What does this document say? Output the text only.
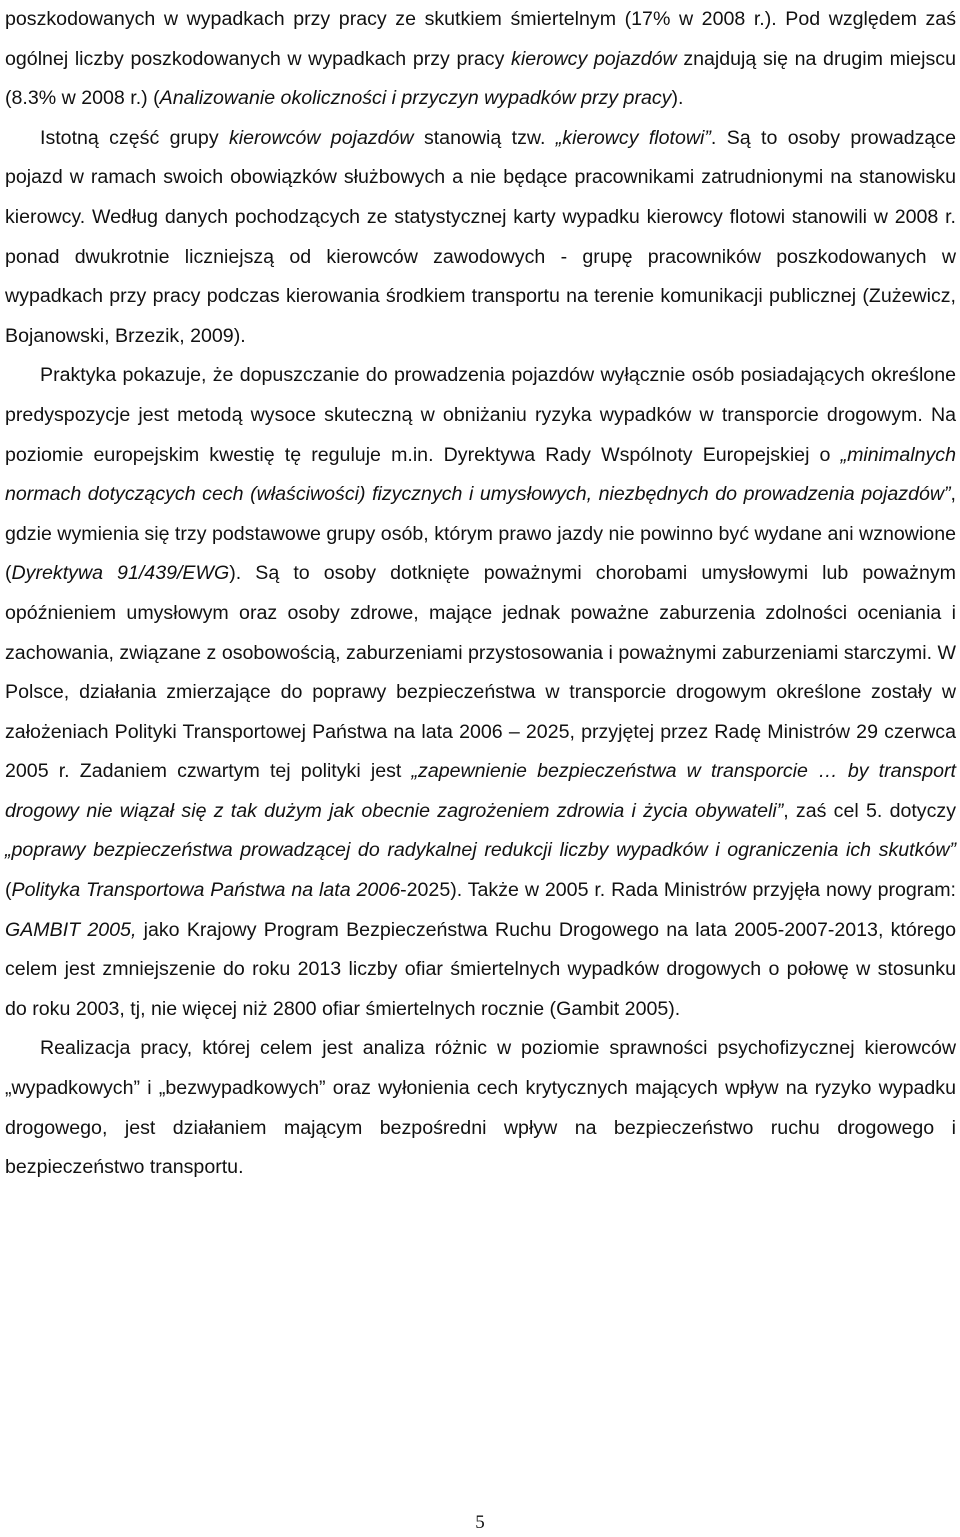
poszkodowanych w wypadkach przy pracy ze skutkiem śmiertelnym (17% w 2008 r.). Pod względem zaś ogólnej liczby poszkodowanych w wypadkach przy pracy kierowcy pojazdów znajdują się na drugim miejscu (8.3% w 2008 r.) (Analizowanie okoliczności i przyczyn wypadków przy pracy).

Istotną część grupy kierowców pojazdów stanowią tzw. „kierowcy flotowi”. Są to osoby prowadzące pojazd w ramach swoich obowiązków służbowych a nie będące pracownikami zatrudnionymi na stanowisku kierowcy. Według danych pochodzących ze statystycznej karty wypadku kierowcy flotowi stanowili w 2008 r. ponad dwukrotnie liczniejszą od kierowców zawodowych - grupę pracowników poszkodowanych w wypadkach przy pracy podczas kierowania środkiem transportu na terenie komunikacji publicznej (Zużewicz, Bojanowski, Brzezik, 2009).

Praktyka pokazuje, że dopuszczanie do prowadzenia pojazdów wyłącznie osób posiadających określone predyspozycje jest metodą wysoce skuteczną w obniżaniu ryzyka wypadków w transporcie drogowym. Na poziomie europejskim kwestię tę reguluje m.in. Dyrektywa Rady Wspólnoty Europejskiej o „minimalnych normach dotyczących cech (właściwości) fizycznych i umysłowych, niezbędnych do prowadzenia pojazdów”, gdzie wymienia się trzy podstawowe grupy osób, którym prawo jazdy nie powinno być wydane ani wznowione (Dyrektywa 91/439/EWG). Są to osoby dotknięte poważnymi chorobami umysłowymi lub poważnym opóźnieniem umysłowym oraz osoby zdrowe, mające jednak poważne zaburzenia zdolności oceniania i zachowania, związane z osobowością, zaburzeniami przystosowania i poważnymi zaburzeniami starczymi. W Polsce, działania zmierzające do poprawy bezpieczeństwa w transporcie drogowym określone zostały w założeniach Polityki Transportowej Państwa na lata 2006 – 2025, przyjętej przez Radę Ministrów 29 czerwca 2005 r. Zadaniem czwartym tej polityki jest „zapewnienie bezpieczeństwa w transporcie … by transport drogowy nie wiązał się z tak dużym jak obecnie zagrożeniem zdrowia i życia obywateli”, zaś cel 5. dotyczy „poprawy bezpieczeństwa prowadzącej do radykalnej redukcji liczby wypadków i ograniczenia ich skutków” (Polityka Transportowa Państwa na lata 2006-2025). Także w 2005 r. Rada Ministrów przyjęła nowy program: GAMBIT 2005, jako Krajowy Program Bezpieczeństwa Ruchu Drogowego na lata 2005-2007-2013, którego celem jest zmniejszenie do roku 2013 liczby ofiar śmiertelnych wypadków drogowych o połowę w stosunku do roku 2003, tj, nie więcej niż 2800 ofiar śmiertelnych rocznie (Gambit 2005).

Realizacja pracy, której celem jest analiza różnic w poziomie sprawności psychofizycznej kierowców „wypadkowych” i „bezwypadkowych” oraz wyłonienia cech krytycznych mających wpływ na ryzyko wypadku drogowego, jest działaniem mającym bezpośredni wpływ na bezpieczeństwo ruchu drogowego i bezpieczeństwo transportu.

5
